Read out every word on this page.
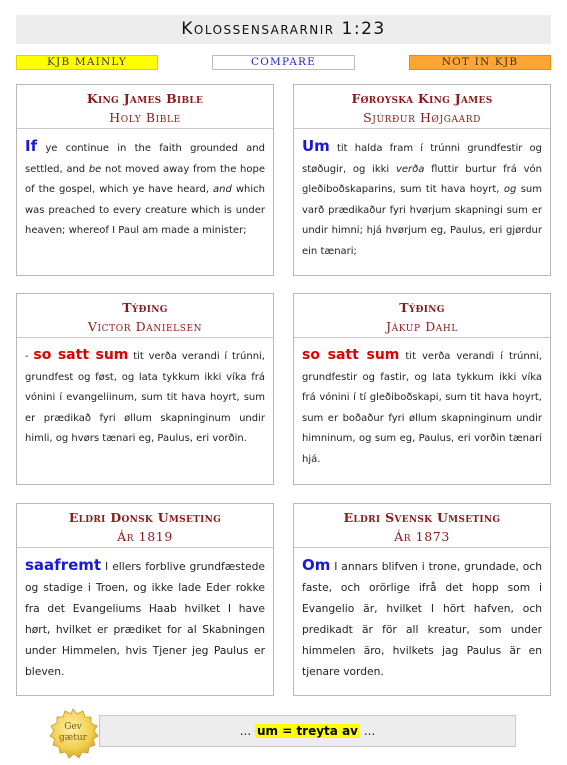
Kolossensararnir 1:23
KJB MAINLY	COMPARE	NOT IN KJB
King James Bible
Holy Bible
If ye continue in the faith grounded and settled, and be not moved away from the hope of the gospel, which ye have heard, and which was preached to every creature which is under heaven; whereof I Paul am made a minister;
Føroyska King James
Sjúrður Højgaard
Um tit halda fram í trúnni grundfestir og støðugir, og ikki verða fluttir burtur frá vón gleðiboðskaparins, sum tit hava hoyrt, og sum varð prædikaður fyri hvørjum skapningi sum er undir himni; hjá hvørjum eg, Paulus, eri gjørdur ein tænari;
Týðing
Victor Danielsen
- so satt sum tit verða verandi í trúnni, grundfest og føst, og lata tykkum ikki víka frá vónini í evangeliinum, sum tit hava hoyrt, sum er prædikað fyri øllum skapninginum undir himli, og hvørs tænari eg, Paulus, eri vorðin.
Týðing
Jákup Dahl
so satt sum tit verða verandi í trúnni, grundfestir og fastir, og lata tykkum ikki víka frá vónini í tí gleðiboðskapi, sum tit hava hoyrt, sum er boðaður fyri øllum skapninginum undir himninum, og sum eg, Paulus, eri vorðin tænari hjá.
Eldri Donsk Umseting
Ár 1819
saafremt I ellers forblive grundfæstede og stadige i Troen, og ikke lade Eder rokke fra det Evangeliums Haab hvilket I have hørt, hvilket er prædiket for al Skabningen under Himmelen, hvis Tjener jeg Paulus er bleven.
Eldri Svensk Umseting
Ár 1873
Om I annars blifven i trone, grundade, och faste, och orörlige ifrå det hopp som i Evangelio är, hvilket I hört hafven, och predikadt är för all kreatur, som under himmelen äro, hvilkets jag Paulus är en tjenare vorden.
... um = treyta av ...
Gev
gætur
